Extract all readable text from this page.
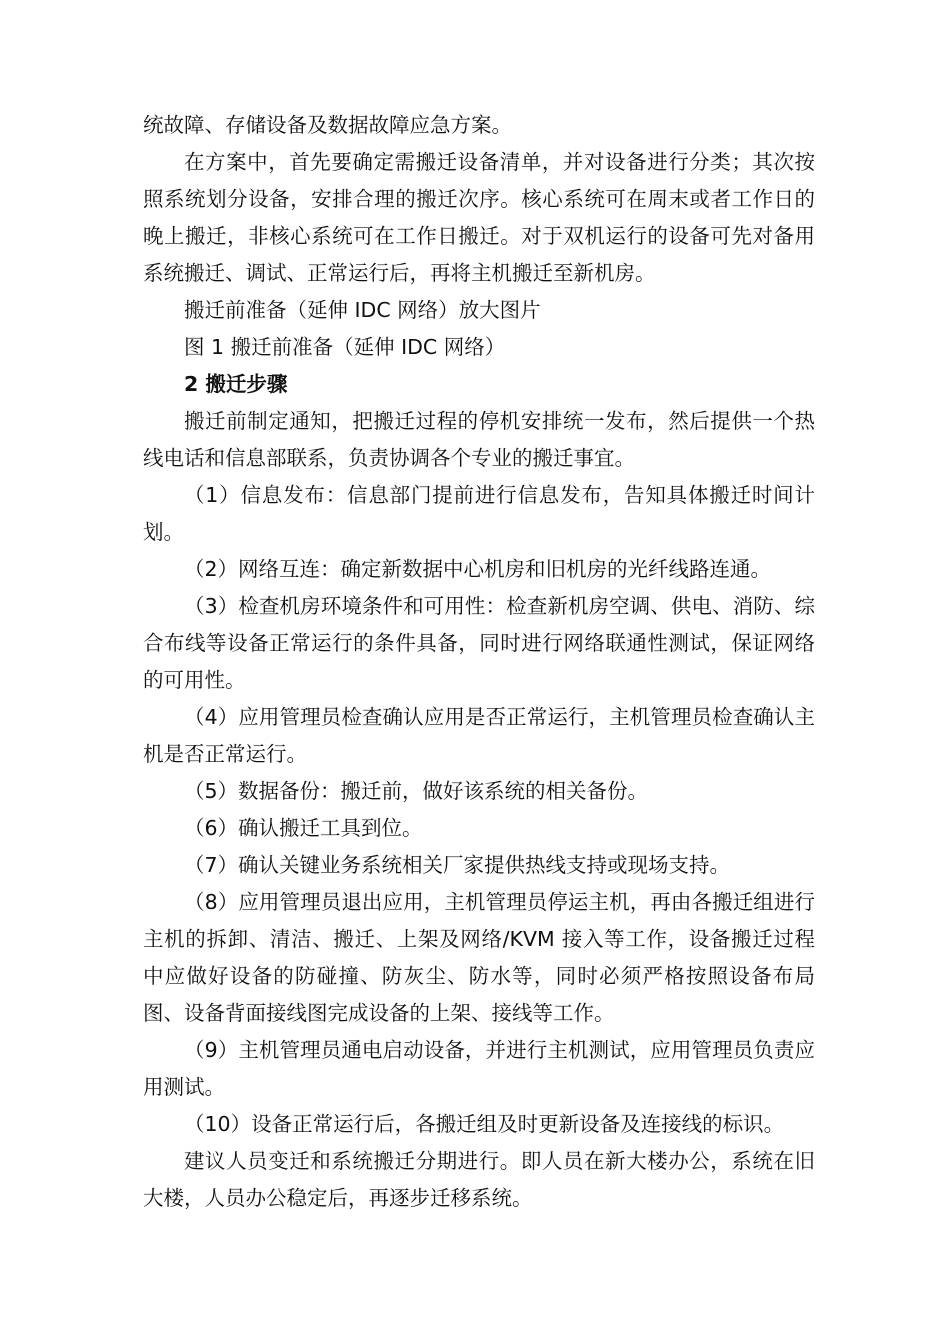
统故障、存储设备及数据故障应急方案。

在方案中，首先要确定需搬迁设备清单，并对设备进行分类；其次按照系统划分设备，安排合理的搬迁次序。核心系统可在周末或者工作日的晚上搬迁，非核心系统可在工作日搬迁。对于双机运行的设备可先对备用系统搬迁、调试、正常运行后，再将主机搬迁至新机房。

搬迁前准备（延伸 IDC 网络）放大图片

图 1 搬迁前准备（延伸 IDC 网络）

2 搬迁步骤

搬迁前制定通知，把搬迁过程的停机安排统一发布，然后提供一个热线电话和信息部联系，负责协调各个专业的搬迁事宜。

（1）信息发布：信息部门提前进行信息发布，告知具体搬迁时间计划。

（2）网络互连：确定新数据中心机房和旧机房的光纤线路连通。

（3）检查机房环境条件和可用性：检查新机房空调、供电、消防、综合布线等设备正常运行的条件具备，同时进行网络联通性测试，保证网络的可用性。

（4）应用管理员检查确认应用是否正常运行，主机管理员检查确认主机是否正常运行。

（5）数据备份：搬迁前，做好该系统的相关备份。

（6）确认搬迁工具到位。

（7）确认关键业务系统相关厂家提供热线支持或现场支持。

（8）应用管理员退出应用，主机管理员停运主机，再由各搬迁组进行主机的拆卸、清洁、搬迁、上架及网络/KVM 接入等工作，设备搬迁过程中应做好设备的防碰撞、防灰尘、防水等，同时必须严格按照设备布局图、设备背面接线图完成设备的上架、接线等工作。

（9）主机管理员通电启动设备，并进行主机测试，应用管理员负责应用测试。

（10）设备正常运行后，各搬迁组及时更新设备及连接线的标识。

建议人员变迁和系统搬迁分期进行。即人员在新大楼办公，系统在旧大楼，人员办公稳定后，再逐步迁移系统。
